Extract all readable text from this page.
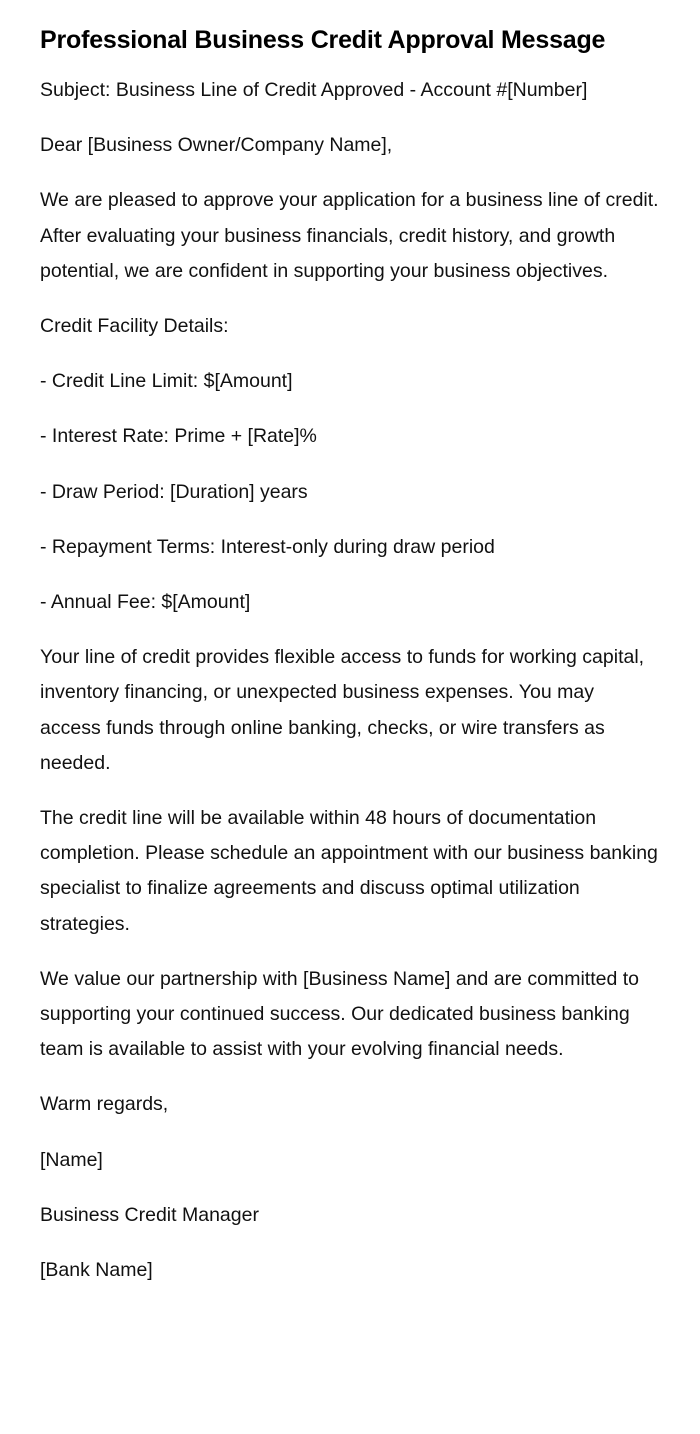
Professional Business Credit Approval Message

Subject: Business Line of Credit Approved - Account #[Number]

Dear [Business Owner/Company Name],

We are pleased to approve your application for a business line of credit. After evaluating your business financials, credit history, and growth potential, we are confident in supporting your business objectives.

Credit Facility Details:

- Credit Line Limit: $[Amount]

- Interest Rate: Prime + [Rate]%

- Draw Period: [Duration] years

- Repayment Terms: Interest-only during draw period

- Annual Fee: $[Amount]

Your line of credit provides flexible access to funds for working capital, inventory financing, or unexpected business expenses. You may access funds through online banking, checks, or wire transfers as needed.

The credit line will be available within 48 hours of documentation completion. Please schedule an appointment with our business banking specialist to finalize agreements and discuss optimal utilization strategies.

We value our partnership with [Business Name] and are committed to supporting your continued success. Our dedicated business banking team is available to assist with your evolving financial needs.

Warm regards,

[Name]

Business Credit Manager

[Bank Name]
